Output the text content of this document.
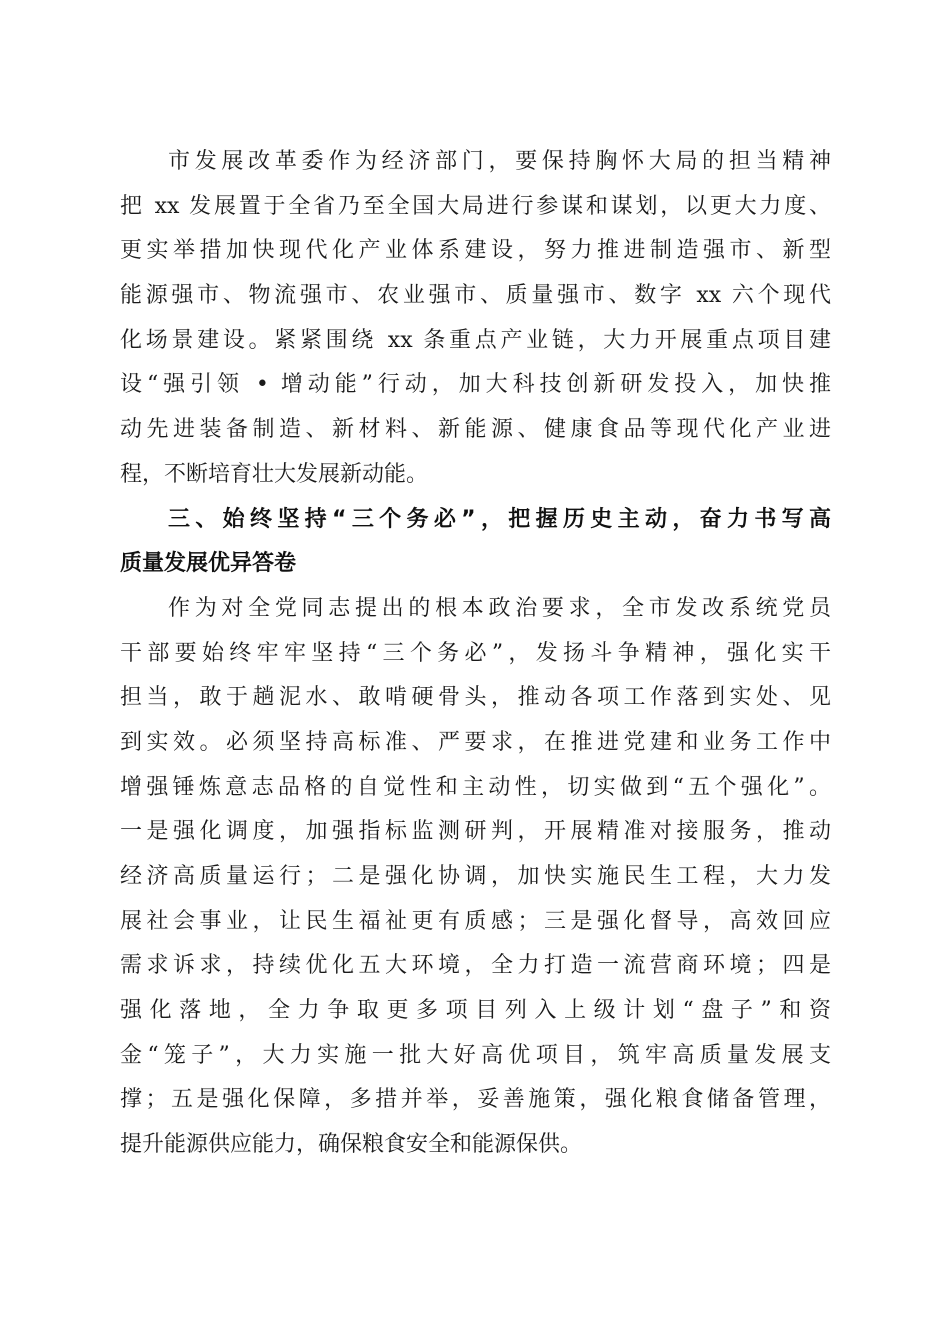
市发展改革委作为经济部门，要保持胸怀大局的担当精神
把 xx 发展置于全省乃至全国大局进行参谋和谋划，以更大力度、
更实举措加快现代化产业体系建设，努力推进制造强市、新型
能源强市、物流强市、农业强市、质量强市、数字 xx 六个现代
化场景建设。紧紧围绕 xx 条重点产业链，大力开展重点项目建
设“强引领 • 增动能”行动，加大科技创新研发投入，加快推
动先进装备制造、新材料、新能源、健康食品等现代化产业进
程，不断培育壮大发展新动能。
三、始终坚持“三个务必”，把握历史主动，奋力书写高
质量发展优异答卷
作为对全党同志提出的根本政治要求，全市发改系统党员
干部要始终牢牢坚持“三个务必”，发扬斗争精神，强化实干
担当，敢于趟泥水、敢啃硬骨头，推动各项工作落到实处、见
到实效。必须坚持高标准、严要求，在推进党建和业务工作中
增强锤炼意志品格的自觉性和主动性，切实做到“五个强化”。
一是强化调度，加强指标监测研判，开展精准对接服务，推动
经济高质量运行；二是强化协调，加快实施民生工程，大力发
展社会事业，让民生福祉更有质感；三是强化督导，高效回应
需求诉求，持续优化五大环境，全力打造一流营商环境；四是
强化落地，全力争取更多项目列入上级计划“盘子”和资
金“笼子”，大力实施一批大好高优项目，筑牢高质量发展支
撑；五是强化保障，多措并举，妥善施策，强化粮食储备管理，
提升能源供应能力，确保粮食安全和能源保供。
